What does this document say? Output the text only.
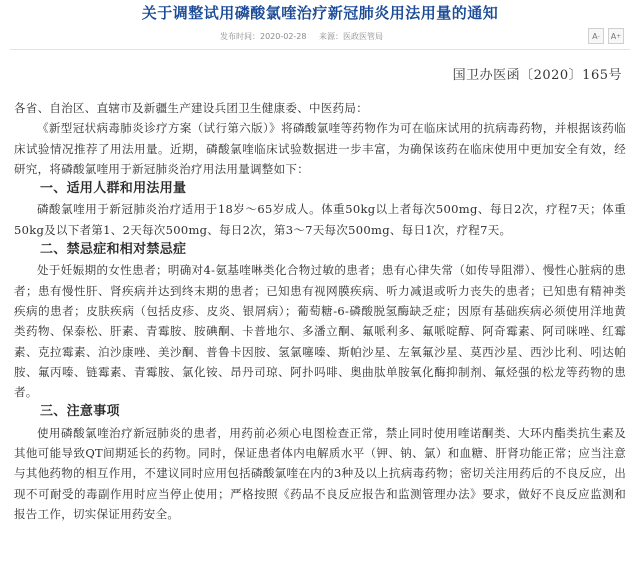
关于调整试用磷酸氯喹治疗新冠肺炎用法用量的通知
发布时间：2020-02-28 来源：医政医管局	A - A +
国卫办医函〔2020〕165号

各省、自治区、直辖市及新疆生产建设兵团卫生健康委、中医药局：

《新型冠状病毒肺炎诊疗方案（试行第六版）》将磷酸氯喹等药物作为可在临床试用的抗病毒药物，并根据该药临床试验情况推荐了用法用量。近期，磷酸氯喹临床试验数据进一步丰富，为确保该药在临床使用中更加安全有效，经研究，将磷酸氯喹用于新冠肺炎治疗用法用量调整如下：

一、适用人群和用法用量

磷酸氯喹用于新冠肺炎治疗适用于18岁～65岁成人。体重50kg以上者每次500mg、每日2次，疗程7天；体重50kg及以下者第1、2天每次500mg、每日2次，第3～7天每次500mg、每日1次，疗程7天。

二、禁忌症和相对禁忌症

处于妊娠期的女性患者；明确对4-氨基喹啉类化合物过敏的患者；患有心律失常（如传导阻滞）、慢性心脏病的患者；患有慢性肝、肾疾病并达到终末期的患者；已知患有视网膜疾病、听力减退或听力丧失的患者；已知患有精神类疾病的患者；皮肤疾病（包括皮疹、皮炎、银屑病）；葡萄糖-6-磷酸脱氢酶缺乏症；因原有基础疾病必须使用洋地黄类药物、保泰松、肝素、青霉胺、胺碘酮、卡普地尔、多潘立酮、氟哌利多、氟哌啶醇、阿奇霉素、阿司咪唑、红霉素、克拉霉素、泊沙康唑、美沙酮、普鲁卡因胺、氢氯噻嗪、斯帕沙星、左氧氟沙星、莫西沙星、西沙比利、吲达帕胺、氟丙嗪、链霉素、青霉胺、氯化铵、昂丹司琼、阿扑吗啡、奥曲肽单胺氧化酶抑制剂、氟烃强的松龙等药物的患者。

三、注意事项

使用磷酸氯喹治疗新冠肺炎的患者，用药前必须心电图检查正常，禁止同时使用喹诺酮类、大环内酯类抗生素及其他可能导致QT间期延长的药物。同时，保证患者体内电解质水平（钾、钠、氯）和血糖、肝肾功能正常；应当注意与其他药物的相互作用，不建议同时应用包括磷酸氯喹在内的3种及以上抗病毒药物；密切关注用药后的不良反应，出现不可耐受的毒副作用时应当停止使用；严格按照《药品不良反应报告和监测管理办法》要求，做好不良反应监测和报告工作，切实保证用药安全。
